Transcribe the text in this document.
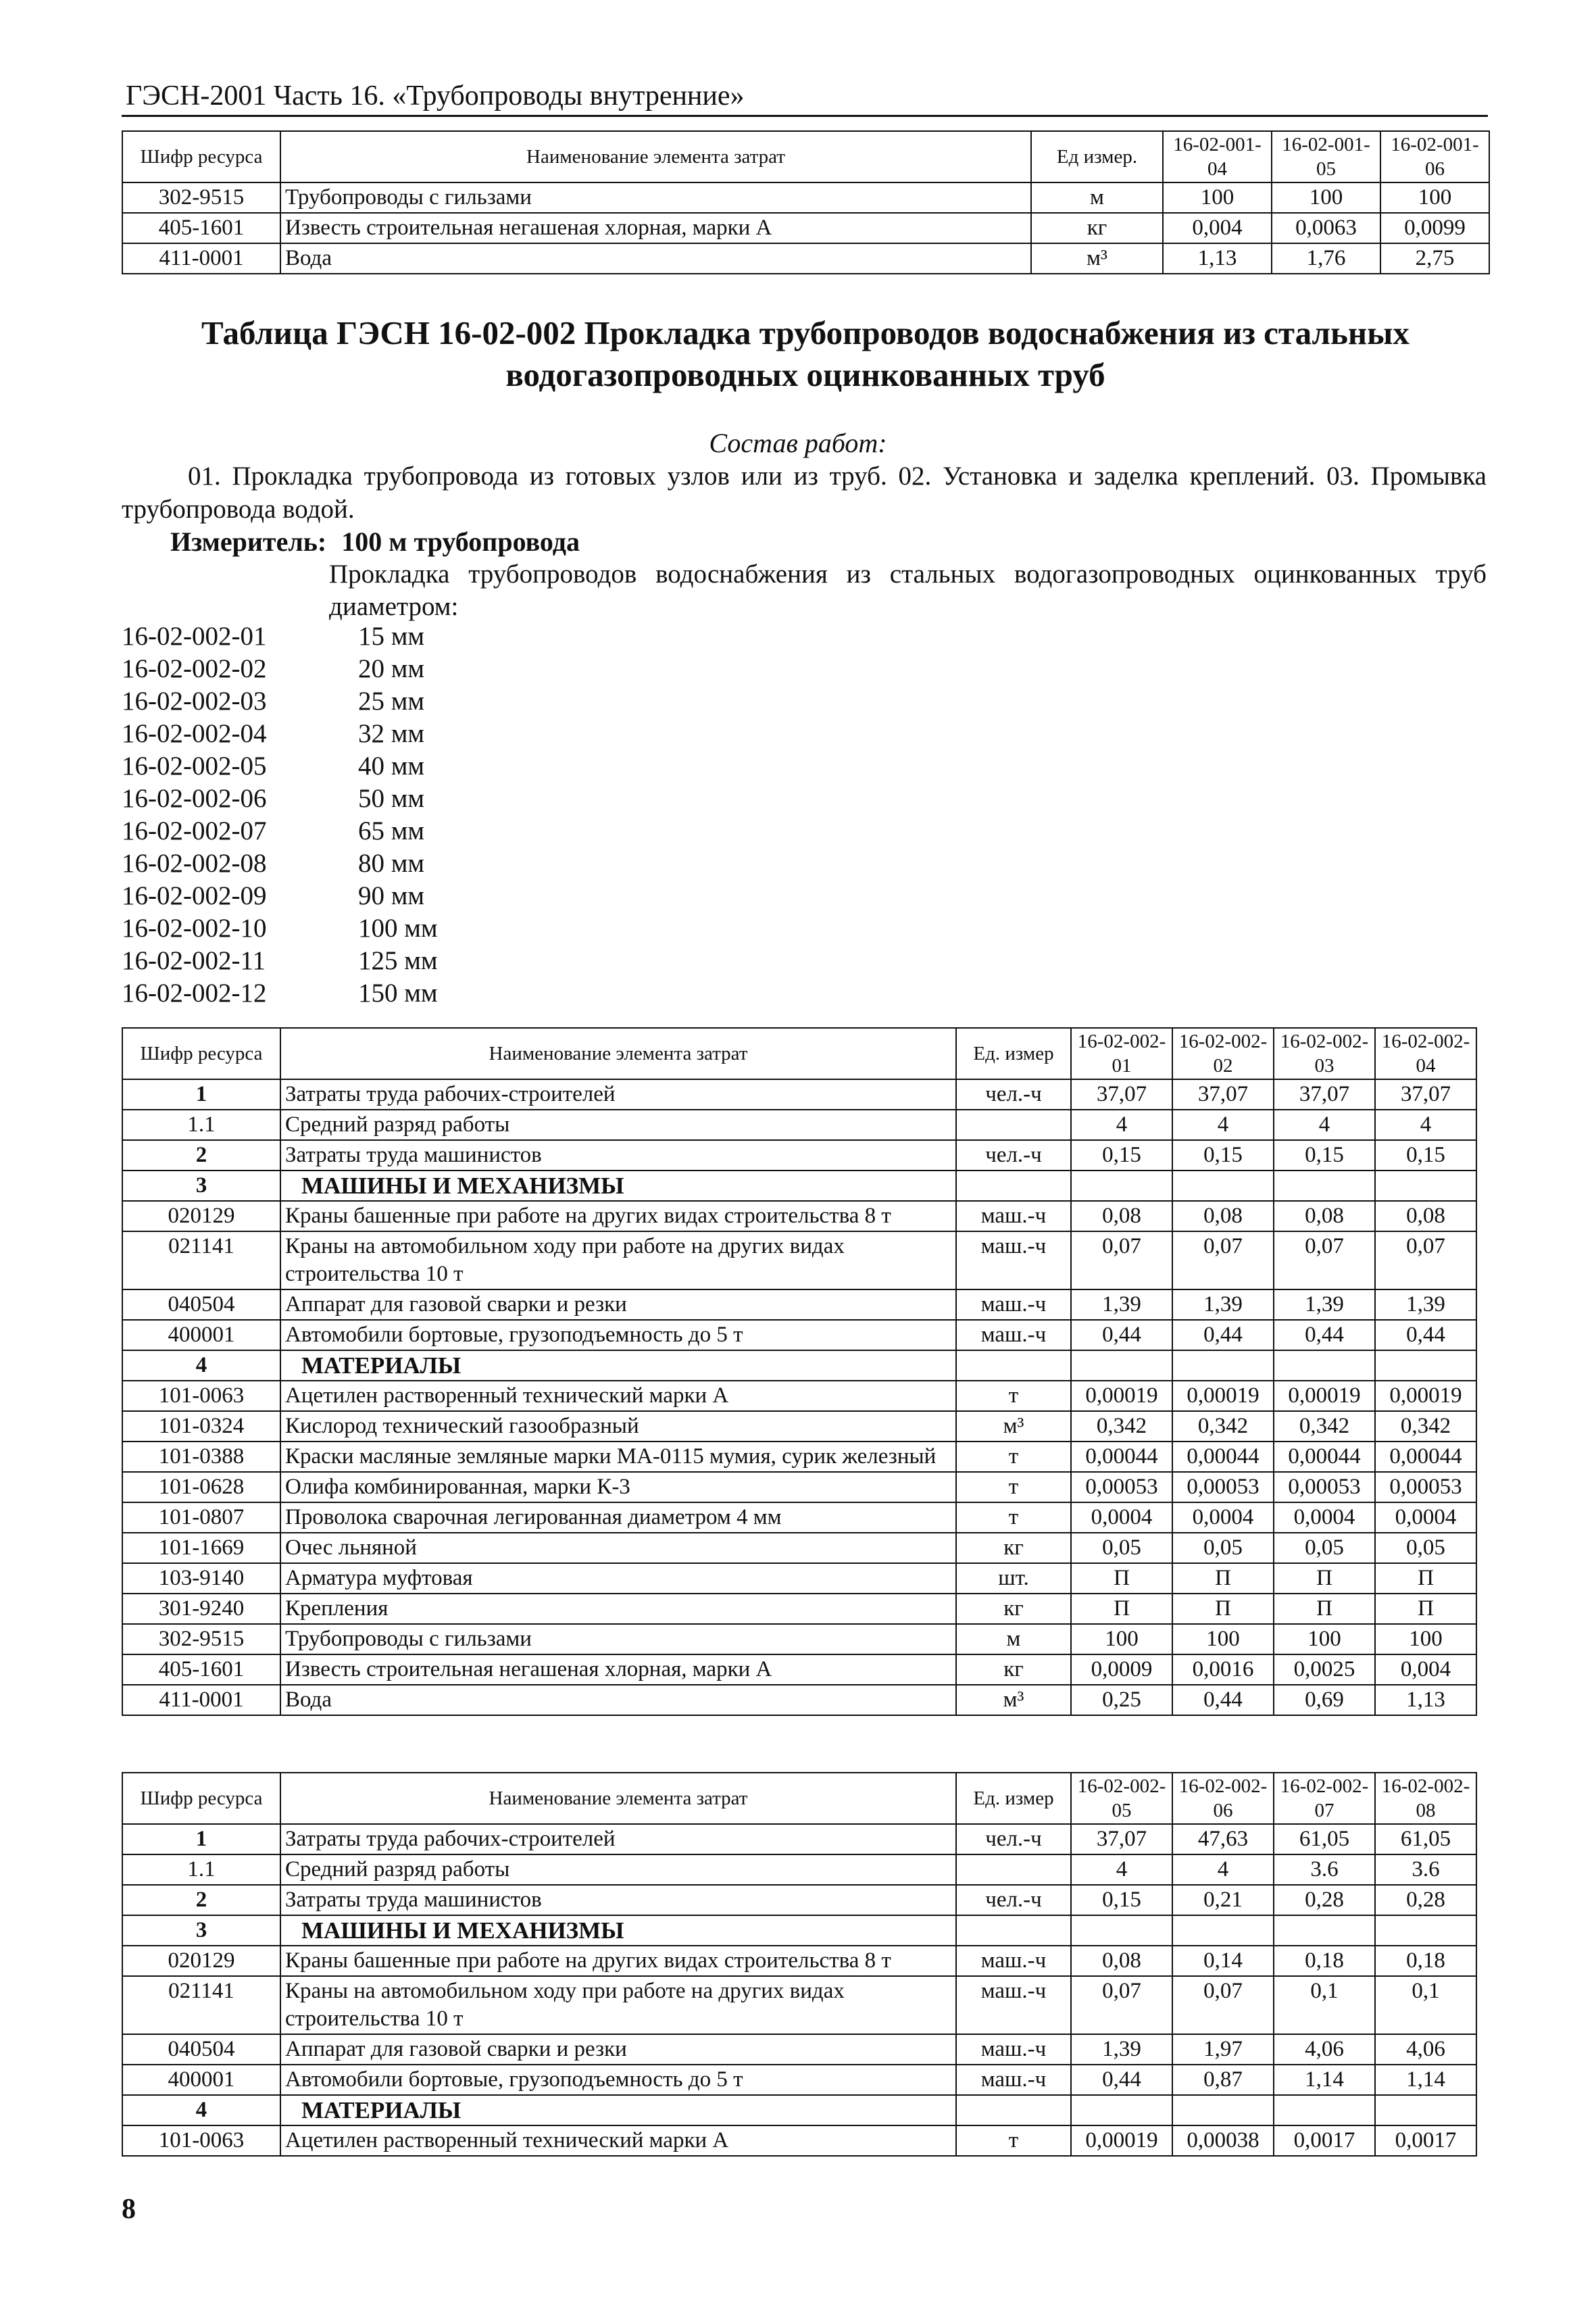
ГЭСН-2001 Часть 16. «Трубопроводы внутренние»
Шифр ресурса	Наименование элемента затрат	Ед измер.	16-02-001-04	16-02-001-05	16-02-001-06
302-9515	Трубопроводы с гильзами	м	100	100	100
405-1601	Известь строительная негашеная хлорная, марки А	кг	0,004	0,0063	0,0099
411-0001	Вода	м³	1,13	1,76	2,75
Таблица ГЭСН 16-02-002 Прокладка трубопроводов водоснабжения из стальных водогазопроводных оцинкованных труб
Состав работ:
01. Прокладка трубопровода из готовых узлов или из труб. 02. Установка и заделка креплений. 03. Промывка трубопровода водой.
Измеритель: 100 м трубопровода
Прокладка трубопроводов водоснабжения из стальных водогазопроводных оцинкованных труб диаметром:
16-02-002-01	15 мм
16-02-002-02	20 мм
16-02-002-03	25 мм
16-02-002-04	32 мм
16-02-002-05	40 мм
16-02-002-06	50 мм
16-02-002-07	65 мм
16-02-002-08	80 мм
16-02-002-09	90 мм
16-02-002-10	100 мм
16-02-002-11	125 мм
16-02-002-12	150 мм
Шифр ресурса	Наименование элемента затрат	Ед. измер	16-02-002-01	16-02-002-02	16-02-002-03	16-02-002-04
1	Затраты труда рабочих-строителей	чел.-ч	37,07	37,07	37,07	37,07
1.1	Средний разряд работы		4	4	4	4
2	Затраты труда машинистов	чел.-ч	0,15	0,15	0,15	0,15
3	МАШИНЫ И МЕХАНИЗМЫ					
020129	Краны башенные при работе на других видах строительства 8 т	маш.-ч	0,08	0,08	0,08	0,08
021141	Краны на автомобильном ходу при работе на других видах строительства 10 т	маш.-ч	0,07	0,07	0,07	0,07
040504	Аппарат для газовой сварки и резки	маш.-ч	1,39	1,39	1,39	1,39
400001	Автомобили бортовые, грузоподъемность до 5 т	маш.-ч	0,44	0,44	0,44	0,44
4	МАТЕРИАЛЫ					
101-0063	Ацетилен растворенный технический марки А	т	0,00019	0,00019	0,00019	0,00019
101-0324	Кислород технический газообразный	м³	0,342	0,342	0,342	0,342
101-0388	Краски масляные земляные марки МА-0115 мумия, сурик железный	т	0,00044	0,00044	0,00044	0,00044
101-0628	Олифа комбинированная, марки К-3	т	0,00053	0,00053	0,00053	0,00053
101-0807	Проволока сварочная легированная диаметром 4 мм	т	0,0004	0,0004	0,0004	0,0004
101-1669	Очес льняной	кг	0,05	0,05	0,05	0,05
103-9140	Арматура муфтовая	шт.	П	П	П	П
301-9240	Крепления	кг	П	П	П	П
302-9515	Трубопроводы с гильзами	м	100	100	100	100
405-1601	Известь строительная негашеная хлорная, марки А	кг	0,0009	0,0016	0,0025	0,004
411-0001	Вода	м³	0,25	0,44	0,69	1,13
Шифр ресурса	Наименование элемента затрат	Ед. измер	16-02-002-05	16-02-002-06	16-02-002-07	16-02-002-08
1	Затраты труда рабочих-строителей	чел.-ч	37,07	47,63	61,05	61,05
1.1	Средний разряд работы		4	4	3.6	3.6
2	Затраты труда машинистов	чел.-ч	0,15	0,21	0,28	0,28
3	МАШИНЫ И МЕХАНИЗМЫ					
020129	Краны башенные при работе на других видах строительства 8 т	маш.-ч	0,08	0,14	0,18	0,18
021141	Краны на автомобильном ходу при работе на других видах строительства 10 т	маш.-ч	0,07	0,07	0,1	0,1
040504	Аппарат для газовой сварки и резки	маш.-ч	1,39	1,97	4,06	4,06
400001	Автомобили бортовые, грузоподъемность до 5 т	маш.-ч	0,44	0,87	1,14	1,14
4	МАТЕРИАЛЫ					
101-0063	Ацетилен растворенный технический марки А	т	0,00019	0,00038	0,0017	0,0017
8
